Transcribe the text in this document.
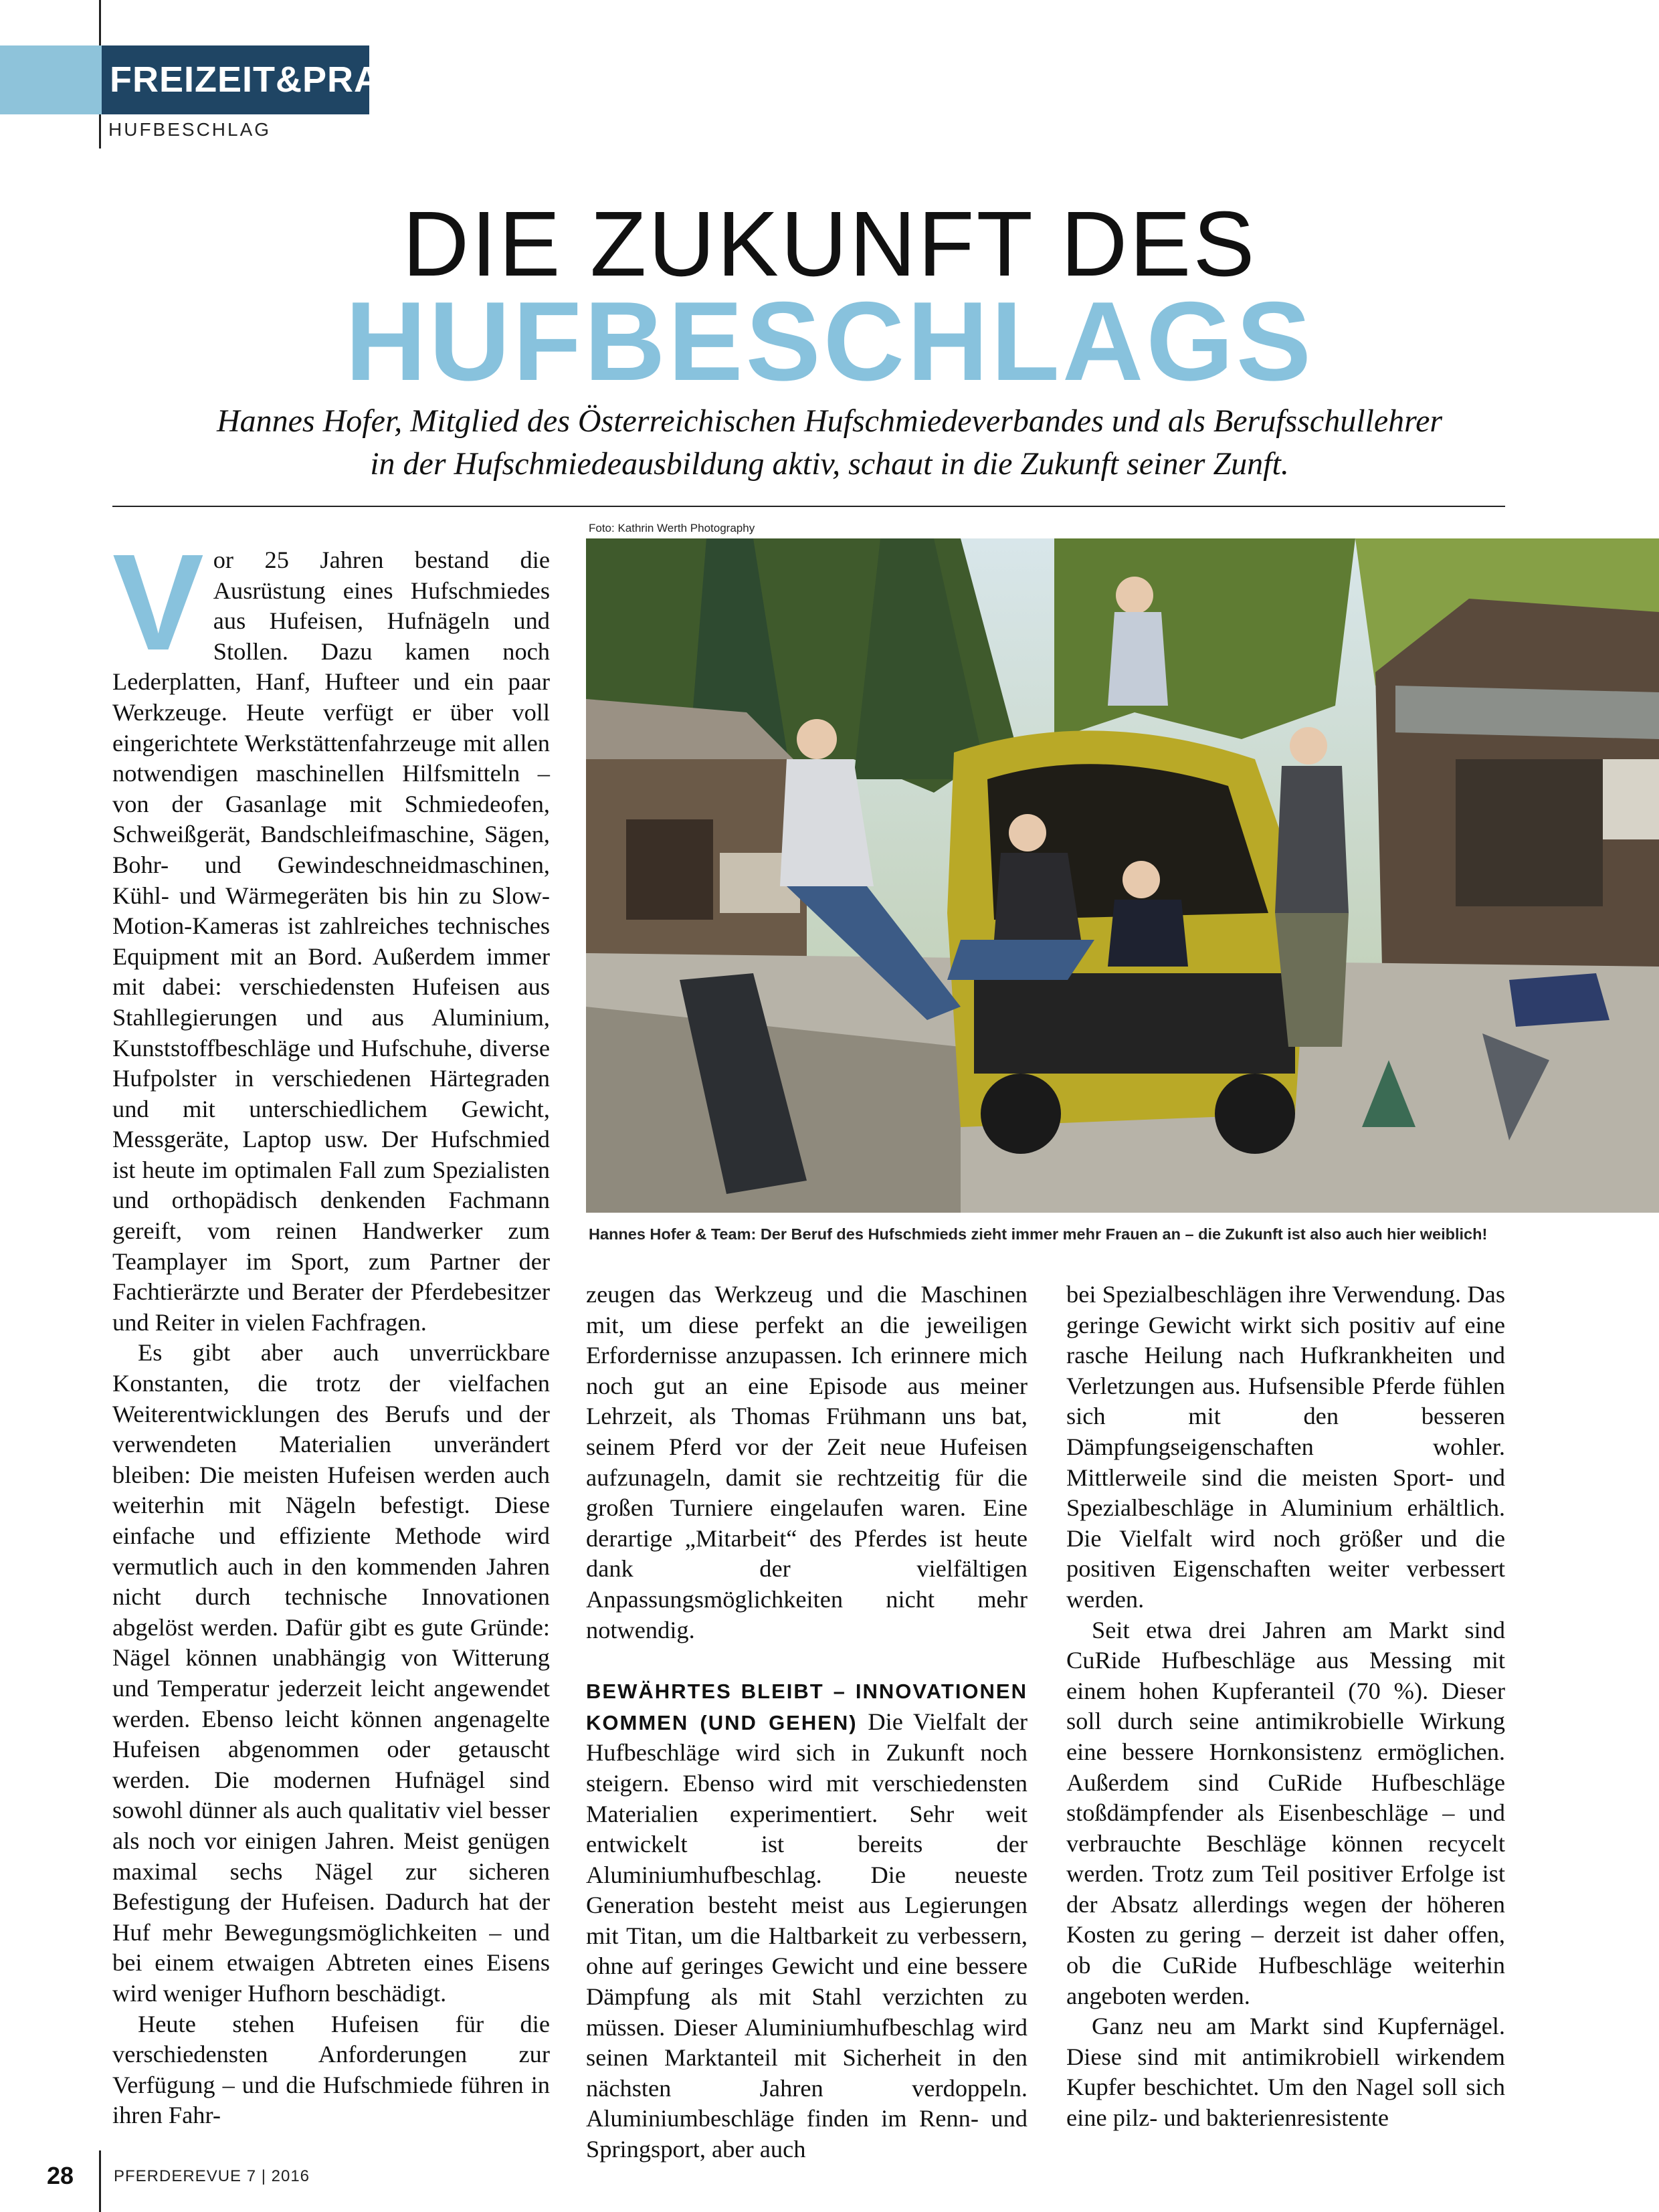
FREIZEIT&PRAXIS
HUFBESCHLAG
DIE ZUKUNFT DES
HUFBESCHLAGS
Hannes Hofer, Mitglied des Österreichischen Hufschmiedeverbandes und als Berufsschullehrer
in der Hufschmiedeausbildung aktiv, schaut in die Zukunft seiner Zunft.
Foto: Kathrin Werth Photography
Hannes Hofer & Team: Der Beruf des Hufschmieds zieht immer mehr Frauen an – die Zukunft ist also auch hier weiblich!

Vor 25 Jahren bestand die Ausrüstung eines Hufschmiedes aus Hufeisen, Hufnägeln und Stollen. Dazu kamen noch Lederplatten, Hanf, Hufteer und ein paar Werkzeuge. Heute verfügt er über voll eingerichtete Werkstättenfahrzeuge mit allen notwendigen maschinellen Hilfsmitteln – von der Gasanlage mit Schmiedeofen, Schweißgerät, Bandschleifmaschine, Sägen, Bohr- und Gewindeschneidmaschinen, Kühl- und Wärmegeräten bis hin zu Slow-Motion-Kameras ist zahlreiches technisches Equipment mit an Bord. Außerdem immer mit dabei: verschiedensten Hufeisen aus Stahllegierungen und aus Aluminium, Kunststoffbeschläge und Hufschuhe, diverse Hufpolster in verschiedenen Härtegraden und mit unterschiedlichem Gewicht, Messgeräte, Laptop usw. Der Hufschmied ist heute im optimalen Fall zum Spezialisten und orthopädisch denkenden Fachmann gereift, vom reinen Handwerker zum Teamplayer im Sport, zum Partner der Fachtierärzte und Berater der Pferdebesitzer und Reiter in vielen Fachfragen.

Es gibt aber auch unverrückbare Konstanten, die trotz der vielfachen Weiterentwicklungen des Berufs und der verwendeten Materialien unverändert bleiben: Die meisten Hufeisen werden auch weiterhin mit Nägeln befestigt. Diese einfache und effiziente Methode wird vermutlich auch in den kommenden Jahren nicht durch technische Innovationen abgelöst werden. Dafür gibt es gute Gründe: Nägel können unabhängig von Witterung und Temperatur jederzeit leicht angewendet werden. Ebenso leicht können angenagelte Hufeisen abgenommen oder getauscht werden. Die modernen Hufnägel sind sowohl dünner als auch qualitativ viel besser als noch vor einigen Jahren. Meist genügen maximal sechs Nägel zur sicheren Befestigung der Hufeisen. Dadurch hat der Huf mehr Bewegungsmöglichkeiten – und bei einem etwaigen Abtreten eines Eisens wird weniger Hufhorn beschädigt.

Heute stehen Hufeisen für die verschiedensten Anforderungen zur Verfügung – und die Hufschmiede führen in ihren Fahr-

zeugen das Werkzeug und die Maschinen mit, um diese perfekt an die jeweiligen Erfordernisse anzupassen. Ich erinnere mich noch gut an eine Episode aus meiner Lehrzeit, als Thomas Frühmann uns bat, seinem Pferd vor der Zeit neue Hufeisen aufzunageln, damit sie rechtzeitig für die großen Turniere eingelaufen waren. Eine derartige „Mitarbeit“ des Pferdes ist heute dank der vielfältigen Anpassungsmöglichkeiten nicht mehr notwendig.

BEWÄHRTES BLEIBT – INNOVATIONEN KOMMEN (UND GEHEN) Die Vielfalt der Hufbeschläge wird sich in Zukunft noch steigern. Ebenso wird mit verschiedensten Materialien experimentiert. Sehr weit entwickelt ist bereits der Aluminiumhufbeschlag. Die neueste Generation besteht meist aus Legierungen mit Titan, um die Haltbarkeit zu verbessern, ohne auf geringes Gewicht und eine bessere Dämpfung als mit Stahl verzichten zu müssen. Dieser Aluminiumhufbeschlag wird seinen Marktanteil mit Sicherheit in den nächsten Jahren verdoppeln. Aluminiumbeschläge finden im Renn- und Springsport, aber auch

bei Spezialbeschlägen ihre Verwendung. Das geringe Gewicht wirkt sich positiv auf eine rasche Heilung nach Hufkrankheiten und Verletzungen aus. Hufsensible Pferde fühlen sich mit den besseren Dämpfungseigenschaften wohler. Mittlerweile sind die meisten Sport- und Spezialbeschläge in Aluminium erhältlich. Die Vielfalt wird noch größer und die positiven Eigenschaften weiter verbessert werden.

Seit etwa drei Jahren am Markt sind CuRide Hufbeschläge aus Messing mit einem hohen Kupferanteil (70 %). Dieser soll durch seine antimikrobielle Wirkung eine bessere Hornkonsistenz ermöglichen. Außerdem sind CuRide Hufbeschläge stoßdämpfender als Eisenbeschläge – und verbrauchte Beschläge können recycelt werden. Trotz zum Teil positiver Erfolge ist der Absatz allerdings wegen der höheren Kosten zu gering – derzeit ist daher offen, ob die CuRide Hufbeschläge weiterhin angeboten werden.

Ganz neu am Markt sind Kupfernägel. Diese sind mit antimikrobiell wirkendem Kupfer beschichtet. Um den Nagel soll sich eine pilz- und bakterienresistente

28 PFERDEREVUE 7 | 2016
